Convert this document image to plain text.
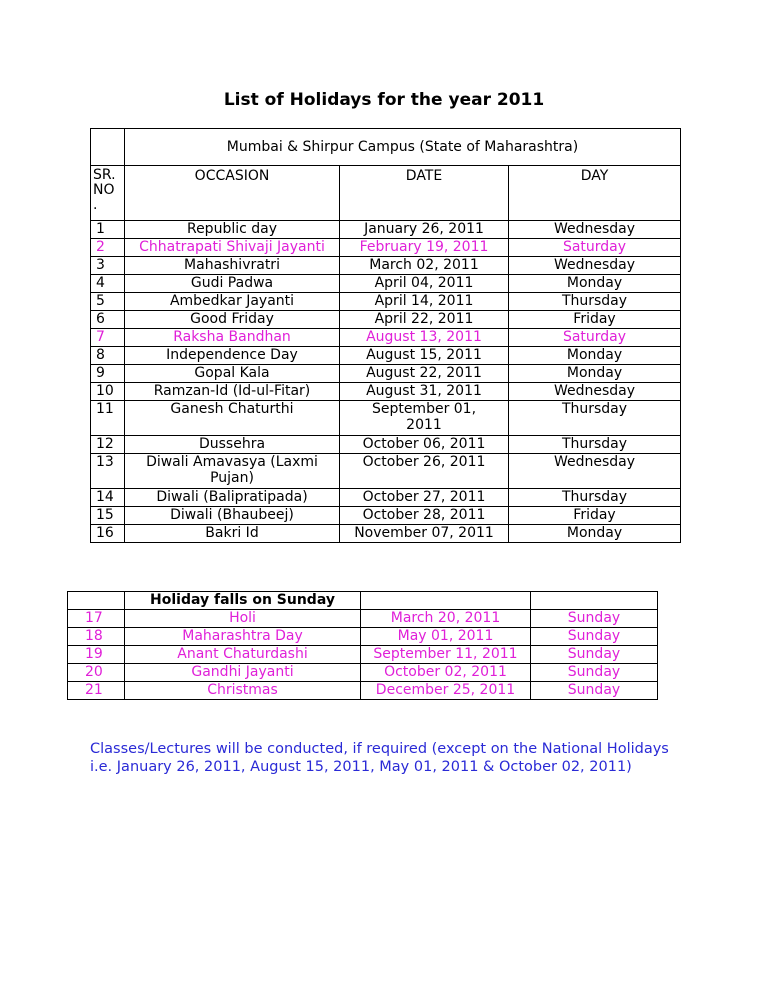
List of Holidays for the year 2011
	Mumbai & Shirpur Campus (State of Maharashtra)		
SR.
NO
.	OCCASION	DATE	DAY
1	Republic day	January 26, 2011	Wednesday
2	Chhatrapati Shivaji Jayanti	February 19, 2011	Saturday
3	Mahashivratri	March 02, 2011	Wednesday
4	Gudi Padwa	April 04, 2011	Monday
5	Ambedkar Jayanti	April 14, 2011	Thursday
6	Good Friday	April 22, 2011	Friday
7	Raksha Bandhan	August 13, 2011	Saturday
8	Independence Day	August 15, 2011	Monday
9	Gopal Kala	August 22, 2011	Monday
10	Ramzan-Id (Id-ul-Fitar)	August 31, 2011	Wednesday
11	Ganesh Chaturthi	September 01, 2011	Thursday
12	Dussehra	October 06, 2011	Thursday
13	Diwali Amavasya (Laxmi Pujan)	October 26, 2011	Wednesday
14	Diwali (Balipratipada)	October 27, 2011	Thursday
15	Diwali (Bhaubeej)	October 28, 2011	Friday
16	Bakri Id	November 07, 2011	Monday
	Holiday falls on Sunday		
17	Holi	March 20, 2011	Sunday
18	Maharashtra Day	May 01, 2011	Sunday
19	Anant Chaturdashi	September 11, 2011	Sunday
20	Gandhi Jayanti	October 02, 2011	Sunday
21	Christmas	December 25, 2011	Sunday
Classes/Lectures will be conducted, if required (except on the National Holidays i.e. January 26, 2011, August 15, 2011, May 01, 2011 & October 02, 2011)
